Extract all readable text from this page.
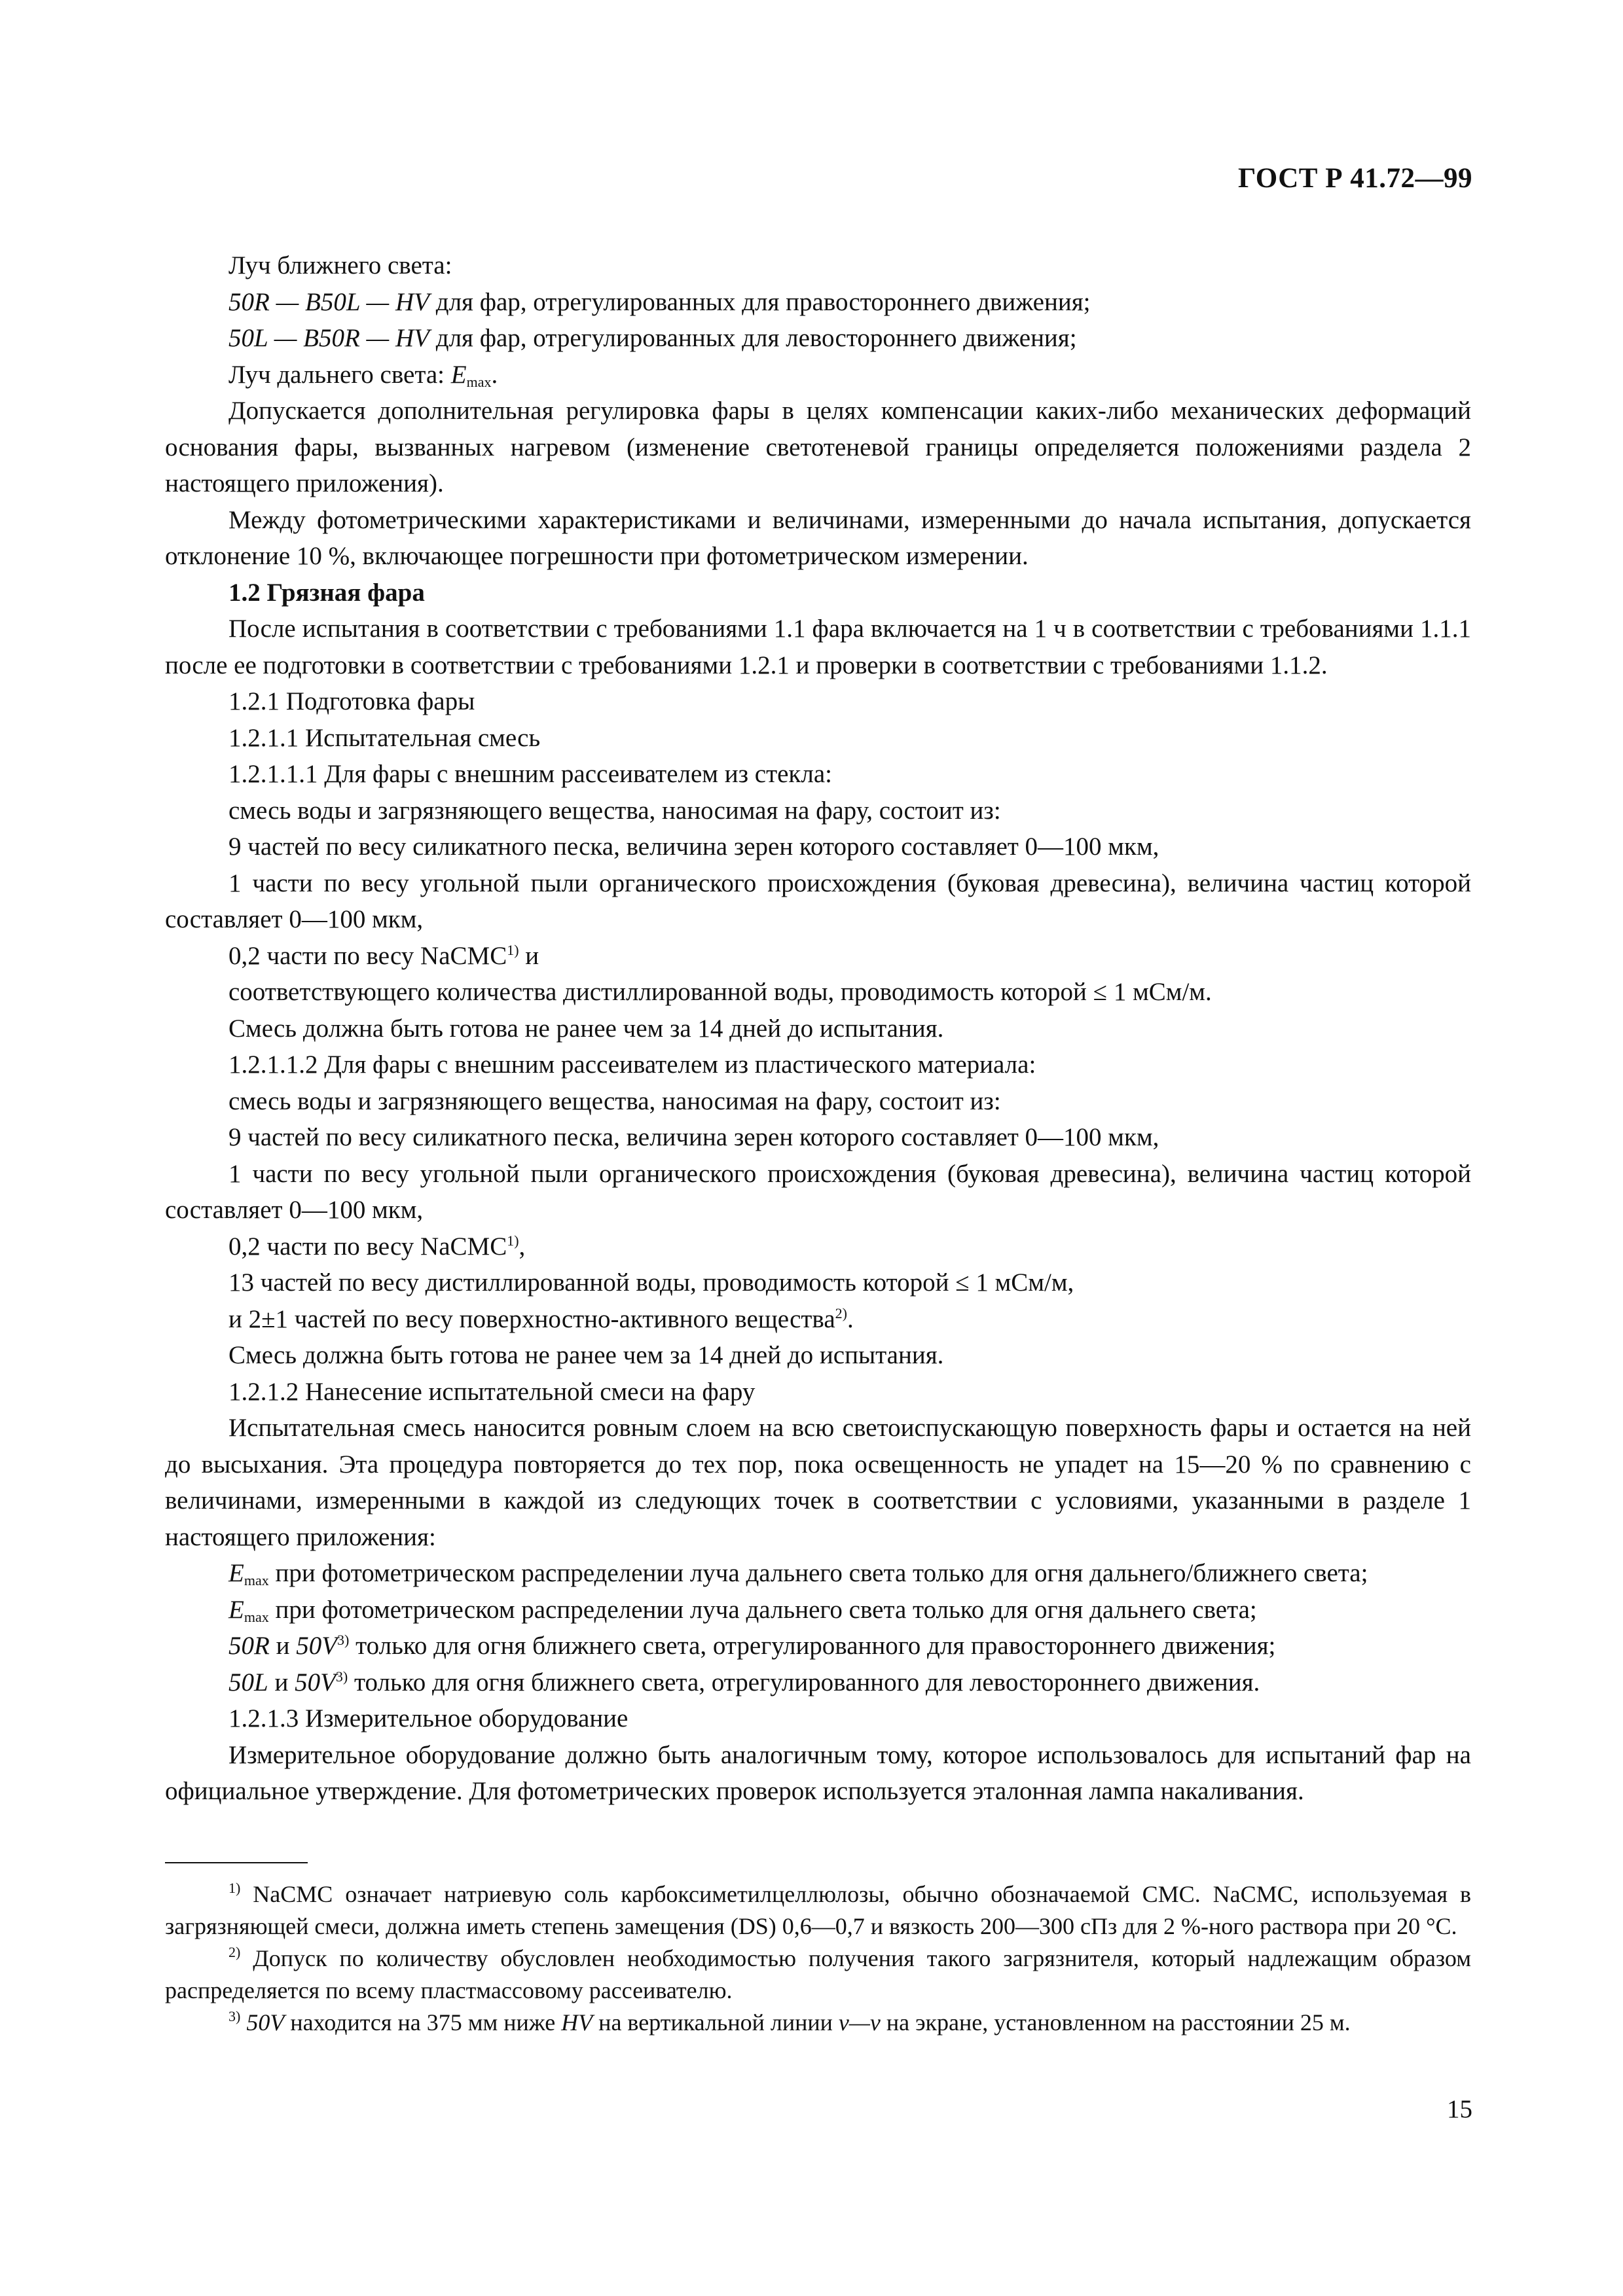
ГОСТ Р 41.72—99

Луч ближнего света:

50R — B50L — HV для фар, отрегулированных для правостороннего движения;

50L — B50R — HV для фар, отрегулированных для левостороннего движения;

Луч дальнего света: $E_{max}$.

Допускается дополнительная регулировка фары в целях компенсации каких-либо механических деформаций основания фары, вызванных нагревом (изменение светотеневой границы определяется положениями раздела 2 настоящего приложения).

Между фотометрическими характеристиками и величинами, измеренными до начала испытания, допускается отклонение 10 %, включающее погрешности при фотометрическом измерении.

1.2 Грязная фара

После испытания в соответствии с требованиями 1.1 фара включается на 1 ч в соответствии с требованиями 1.1.1 после ее подготовки в соответствии с требованиями 1.2.1 и проверки в соответствии с требованиями 1.1.2.

1.2.1 Подготовка фары

1.2.1.1 Испытательная смесь

1.2.1.1.1 Для фары с внешним рассеивателем из стекла:

смесь воды и загрязняющего вещества, наносимая на фару, состоит из:

9 частей по весу силикатного песка, величина зерен которого составляет 0—100 мкм,

1 части по весу угольной пыли органического происхождения (буковая древесина), величина частиц которой составляет 0—100 мкм,

0,2 части по весу NaCMC$^{1)}$ и

соответствующего количества дистиллированной воды, проводимость которой ≤ 1 мСм/м.

Смесь должна быть готова не ранее чем за 14 дней до испытания.

1.2.1.1.2 Для фары с внешним рассеивателем из пластического материала:

смесь воды и загрязняющего вещества, наносимая на фару, состоит из:

9 частей по весу силикатного песка, величина зерен которого составляет 0—100 мкм,

1 части по весу угольной пыли органического происхождения (буковая древесина), величина частиц которой составляет 0—100 мкм,

0,2 части по весу NaCMC$^{1)}$,

13 частей по весу дистиллированной воды, проводимость которой ≤ 1 мСм/м,

и 2±1 частей по весу поверхностно-активного вещества$^{2)}$.

Смесь должна быть готова не ранее чем за 14 дней до испытания.

1.2.1.2 Нанесение испытательной смеси на фару

Испытательная смесь наносится ровным слоем на всю светоиспускающую поверхность фары и остается на ней до высыхания. Эта процедура повторяется до тех пор, пока освещенность не упадет на 15—20 % по сравнению с величинами, измеренными в каждой из следующих точек в соответствии с условиями, указанными в разделе 1 настоящего приложения:

$E_{max}$ при фотометрическом распределении луча дальнего света только для огня дальнего/ближнего света;

$E_{max}$ при фотометрическом распределении луча дальнего света только для огня дальнего света;

50R и $50V^{3)}$ только для огня ближнего света, отрегулированного для правостороннего движения;

50L и $50V^{3)}$ только для огня ближнего света, отрегулированного для левостороннего движения.

1.2.1.3 Измерительное оборудование

Измерительное оборудование должно быть аналогичным тому, которое использовалось для испытаний фар на официальное утверждение. Для фотометрических проверок используется эталонная лампа накаливания.

$^{1)}$ NaCMC означает натриевую соль карбоксиметилцеллюлозы, обычно обозначаемой CMC. NaCMC, используемая в загрязняющей смеси, должна иметь степень замещения (DS) 0,6—0,7 и вязкость 200—300 сПз для 2 %-ного раствора при 20 °С.

$^{2)}$ Допуск по количеству обусловлен необходимостью получения такого загрязнителя, который надлежащим образом распределяется по всему пластмассовому рассеивателю.

$^{3)}$ 50V находится на 375 мм ниже HV на вертикальной линии v—v на экране, установленном на расстоянии 25 м.

15
